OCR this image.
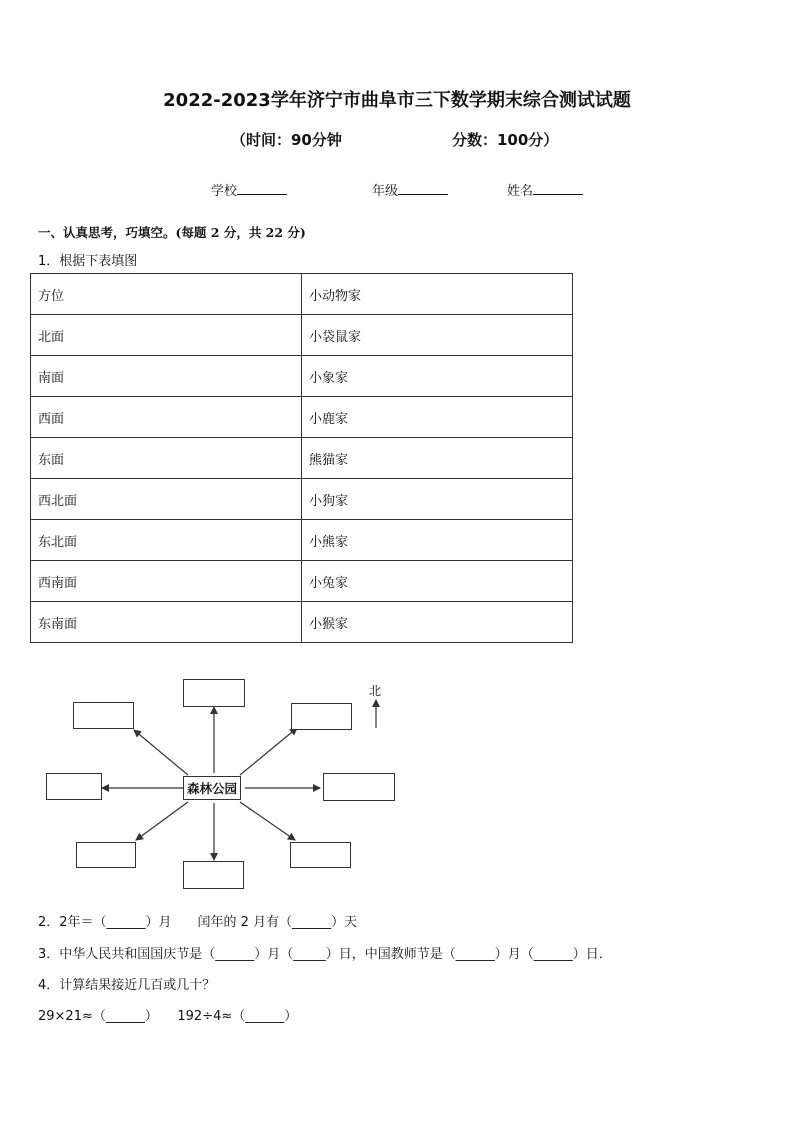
2022-2023学年济宁市曲阜市三下数学期末综合测试试题
（时间：90分钟	分数：100分）
学校	年级	姓名
一、认真思考，巧填空。(每题 2 分，共 22 分)
1．根据下表填图
方位	小动物家
北面	小袋鼠家
南面	小象家
西面	小鹿家
东面	熊猫家
西北面	小狗家
东北面	小熊家
西南面	小兔家
东南面	小猴家
森林公园
北
2．2年＝（______）月　　闰年的 2 月有（______）天
3．中华人民共和国国庆节是（______）月（_____）日，中国教师节是（______）月（______）日．
4．计算结果接近几百或几十？
29×21≈（______）　　192÷4≈（______）
